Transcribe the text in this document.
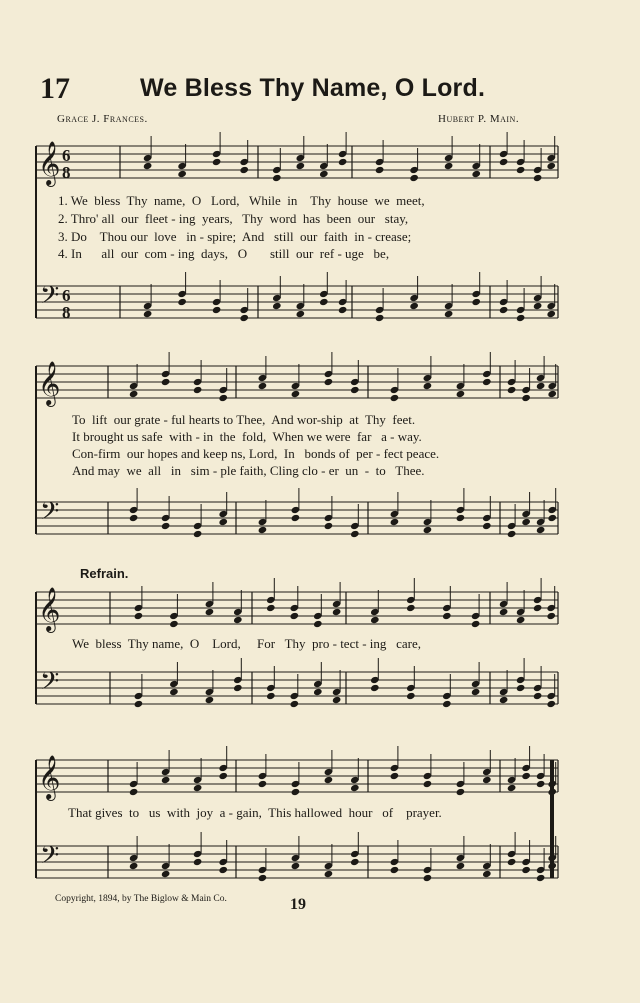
17	We Bless Thy Name, O Lord.
Grace J. Frances.	Hubert P. Main.
𝄞
𝄢
6
8
6
8
𝄞
𝄢
𝄞
𝄢
𝄞
𝄢
1. We  bless  Thy  name,  O   Lord,   While  in    Thy  house  we  meet,
2. Thro' all  our  fleet - ing  years,   Thy  word  has  been  our   stay,
3. Do    Thou our  love   in - spire;  And   still  our  faith  in - crease;
4. In      all  our  com - ing  days,   O       still  our  ref - uge   be,
To  lift  our grate - ful hearts to Thee,  And wor-ship  at  Thy  feet.
It brought us safe  with - in  the  fold,  When we were  far   a - way.
Con-firm  our hopes and keep ns, Lord,  In   bonds of  per - fect peace.
And may  we  all   in   sim - ple faith, Cling clo - er  un  -  to   Thee.
Refrain.
We  bless  Thy name,  O    Lord,     For   Thy  pro - tect - ing   care,
That gives  to   us  with  joy  a - gain,  This hallowed  hour   of    prayer.
Copyright, 1894, by The Biglow & Main Co.	19
